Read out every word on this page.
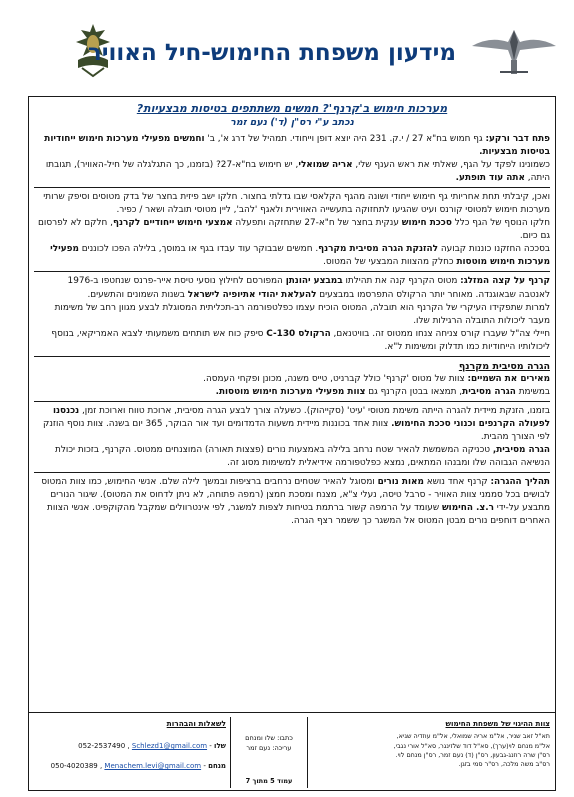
מידעון משפחת החימוש-חיל האוויר
מערכות חימוש ב'קרנף'? חמשים משתתפים בטיסות מבצעיות?
נכתב ע"י רס"ן (ד') נעם זמר
פתח דבר ורקע: גף חמוש בח"א 27 / י.ק. 231 היה יוצא דופן וייחודי. תמהיל של דרג א', ב' וחמשים מפעילי מערכות חימוש ייחודיות בטיסות מבצעיות.
כשמונינו לפקד על הגף, שאלתי את ראש הענף שלי, אריה שמואלי, יש חימוש בח"א-27? (בזמנו, כך התגלגלה של חיל-האוויר), תגובתו היתה, אתה עוד תופתע.
ואכן, קיבלתי תחת אחריותי גף חימוש ייחודי ושונה מהגף הקלאסי שבו גדלתי בחצור. חלקו ישב פיזית בחצר של בדק מטוסים וסיפק שרותי מערכות חימוש למטוסי קורנס ועיט שהגיעו לתחזוקה בתעשייה האווירית ולאגף 'להב', ליין מטוסי תובלה ושאר / כפיר.
חלקו הנוסף של הגף כלל סככת חימוש ענקית בחצר של ח"א-27 שתחזקה ותפעלה אמצעי חימוש ייחודיים לקרנף, חלקם לא לפרסום גם כיום.
בסככה החזקנו כוננות קבועה להזנקת הגרה מסיבית מקרנף. חמשים שבבוקר עוד עבדו בגף או במוסך, בלילה הפכו לכוננים מפעילי מערכות חימוש מוטסות כחלק מהצוות המבצעי של המטוס.
קרנף על קצה המזלג: מטוס הקרנף קנה את תהילתו במבצע יהונתן המפורסם לחילוץ נוסעי טיסת אייר-פרנס שנחטפו ב-1976 לאנטבה שבאוגנדה. מאוחר יותר הרקולס התפרסמו במבצעים להעלאת יהודי אתיופיה לישראל בשנות השמונים והתשעים.
למרות שתפקידו העיקרי של הקרנף הוא תובלה, המטוס הוכיח עצמו כפלטפורמה רב-תכליתית המסוגלת לבצע מגוון רחב של משימות מעבר ליכולות התובלה הרגילות שלו.
חיילי צה"ל שעברו קורס צניחה צנחו ממטוס זה. בוויטנאם, הרקולס C-130 סיפק כוח אש תותחים משמעותי לצבא האמריקאי, בנוסף ליכולותיו הייחודיות כמו תדלוק ומשימות ל"א.
הגרה מסיבית מקרנף
מאירים את השמיים: צוות של מטוס 'קרנף' כולל קברניט, טייס משנה, מכונן ופקחי העמסה.
במשימת הגרה מסיבית, תמצאו בבטן הקרנף גם צוות מפעילי מערכות חימוש מוטסות.
בזמנו, הזנקת מיידית להגרה הייתה משימת מטוסי 'עיט' (סקייהוק). כשעלה צורך לבצע הגרה מסיבית, ארוכת טווח וארוכת זמן, נכנסנו לפעולה הקרנפים וכנוני סככת החימוש. צוות אחד בכוננות מיידית משעות הדמדומים ועד אור הבוקר, 365 יום בשנה. צוות נוסף הוזנק לפי הצורך מהבית.
הגרה מסיבית, טכניקה המשמשת להאיר שטח נרחב בלילה באמצעות נורים (פצצות תאורה) המוצנחים ממטוס. הקרנף, בזכות יכולת הנשיאה הגבוהה שלו ומבנהו המתאים, נמצא כפלטפורמה אידיאלית למשימות מסוג זה.
תהליך ההגרה: קרנף אחד נושא מאות נורים ומסוגל להאיר שטחים נרחבים ברציפות ובמשך לילה שלם. אנשי החימוש, כמו צוות המטוס לבושים בכל סממני צוות האוויר - סרבל טיסה, נעלי צ"א, מצנח ומסכת חמצן (רמפה פתוחה, לא ניתן לדחוס את המטוס). שיגור הנורים מתבצע על-ידי ר.צ. החימוש שעומד על הרמפה קשור ברתמת בטיחות לצפות למשגר, לפי אינטרוולים שמקבל מהקוקפיט. אנשי הצוות האחרים דוחפים נורים מבטן המטוס אל המשגר כך ששמר רצף הגרה.
צוות ההיגוי של משפחת החימוש
תא"ל זאב שניר, אל"מ אריה שמואלי, אל"מ עוזדיה שגיא,
אל"מ מנחם לוי(ערך), סא"ל דוד שלזינגר, סא"ל אורי נגבי,
רס"ן שרה רוזנג-גבעון, רס"ן (ד) נעם זמר, רס"ן מנחם לוי.
רס"ב משה מלכה, רס"ר סמי בזגן.
כתבו: שלו ומנחם
עריכה: נעם זמר
עמוד 5 מתוך 7
לשאלות והבהרות
שלו - 052-2537490 , Schlezd1@gmail.com
מנחם - 050-4020389 , Menachem.levi@gmail.com
